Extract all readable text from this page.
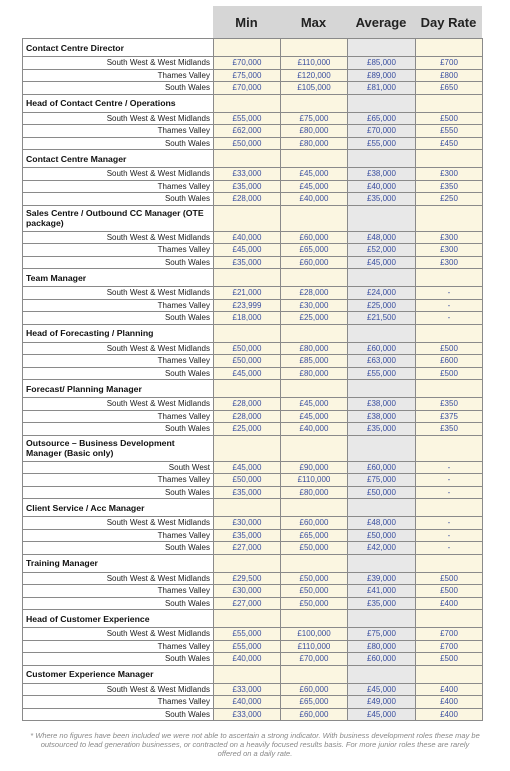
Min	Max	Average	Day Rate
Contact Centre Director				
South West & West Midlands	£70,000	£110,000	£85,000	£700
Thames Valley	£75,000	£120,000	£89,000	£800
South Wales	£70,000	£105,000	£81,000	£650
Head of Contact Centre / Operations				
South West & West Midlands	£55,000	£75,000	£65,000	£500
Thames Valley	£62,000	£80,000	£70,000	£550
South Wales	£50,000	£80,000	£55,000	£450
Contact Centre Manager				
South West & West Midlands	£33,000	£45,000	£38,000	£300
Thames Valley	£35,000	£45,000	£40,000	£350
South Wales	£28,000	£40,000	£35,000	£250
Sales Centre / Outbound CC Manager (OTE package)				
South West & West Midlands	£40,000	£60,000	£48,000	£300
Thames Valley	£45,000	£65,000	£52,000	£300
South Wales	£35,000	£60,000	£45,000	£300
Team Manager				
South West & West Midlands	£21,000	£28,000	£24,000	-
Thames Valley	£23,999	£30,000	£25,000	-
South Wales	£18,000	£25,000	£21,500	-
Head of Forecasting / Planning				
South West & West Midlands	£50,000	£80,000	£60,000	£500
Thames Valley	£50,000	£85,000	£63,000	£600
South Wales	£45,000	£80,000	£55,000	£500
Forecast/ Planning Manager				
South West & West Midlands	£28,000	£45,000	£38,000	£350
Thames Valley	£28,000	£45,000	£38,000	£375
South Wales	£25,000	£40,000	£35,000	£350
Outsource – Business Development Manager (Basic only)				
South West	£45,000	£90,000	£60,000	-
Thames Valley	£50,000	£110,000	£75,000	-
South Wales	£35,000	£80,000	£50,000	-
Client Service / Acc Manager				
South West & West Midlands	£30,000	£60,000	£48,000	-
Thames Valley	£35,000	£65,000	£50,000	-
South Wales	£27,000	£50,000	£42,000	-
Training Manager				
South West & West Midlands	£29,500	£50,000	£39,000	£500
Thames Valley	£30,000	£50,000	£41,000	£500
South Wales	£27,000	£50,000	£35,000	£400
Head of Customer Experience				
South West & West Midlands	£55,000	£100,000	£75,000	£700
Thames Valley	£55,000	£110,000	£80,000	£700
South Wales	£40,000	£70,000	£60,000	£500
Customer Experience Manager				
South West & West Midlands	£33,000	£60,000	£45,000	£400
Thames Valley	£40,000	£65,000	£49,000	£400
South Wales	£33,000	£60,000	£45,000	£400
* Where no figures have been included we were not able to ascertain a strong indicator. With business development roles these may be outsourced to lead generation businesses, or contracted on a heavily focused results basis. For more junior roles these are rarely offered on a daily rate.
